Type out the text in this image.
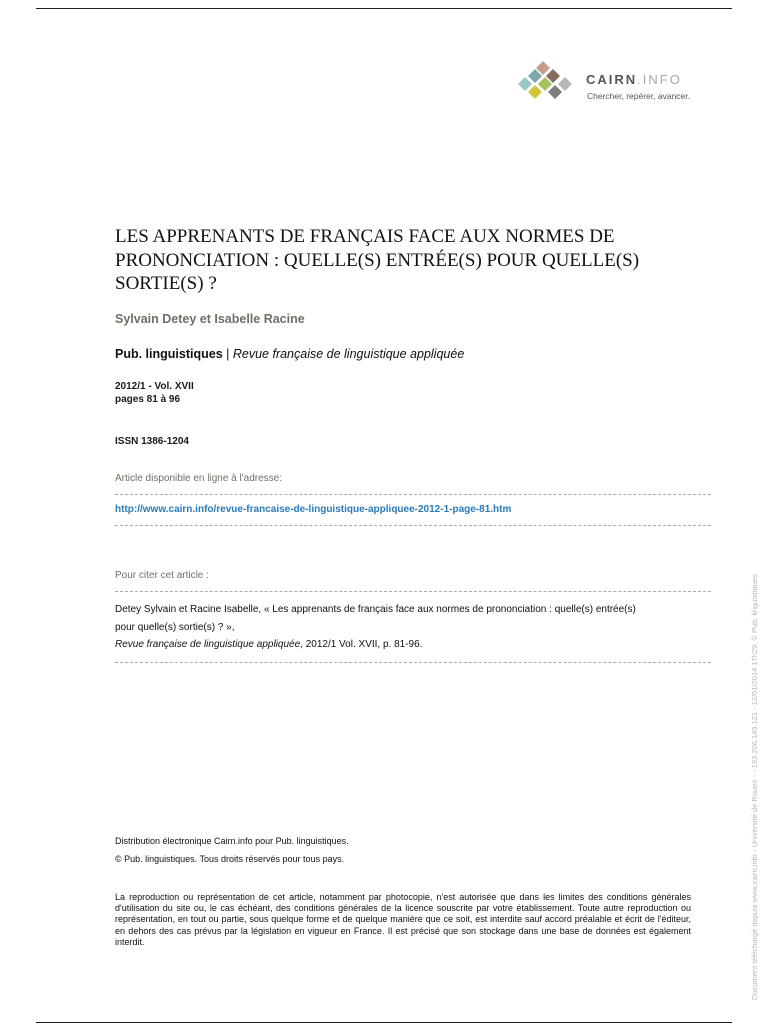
CAIRN.INFO
Chercher, repérer, avancer.
LES APPRENANTS DE FRANÇAIS FACE AUX NORMES DE PRONONCIATION : QUELLE(S) ENTRÉE(S) POUR QUELLE(S) SORTIE(S) ?
Sylvain Detey et Isabelle Racine
Pub. linguistiques | Revue française de linguistique appliquée
2012/1 - Vol. XVII
pages 81 à 96
ISSN 1386-1204
Article disponible en ligne à l'adresse:
http://www.cairn.info/revue-francaise-de-linguistique-appliquee-2012-1-page-81.htm
Pour citer cet article :
Detey Sylvain et Racine Isabelle, « Les apprenants de français face aux normes de prononciation : quelle(s) entrée(s)
pour quelle(s) sortie(s) ? »,
Revue française de linguistique appliquée, 2012/1 Vol. XVII, p. 81-96.
Distribution électronique Cairn.info pour Pub. linguistiques.
© Pub. linguistiques. Tous droits réservés pour tous pays.

La reproduction ou représentation de cet article, notamment par photocopie, n'est autorisée que dans les limites des conditions générales d'utilisation du site ou, le cas échéant, des conditions générales de la licence souscrite par votre établissement. Toute autre reproduction ou représentation, en tout ou partie, sous quelque forme et de quelque manière que ce soit, est interdite sauf accord préalable et écrit de l'éditeur, en dehors des cas prévus par la législation en vigueur en France. Il est précisé que son stockage dans une base de données est également interdit.	Document téléchargé depuis www.cairn.info - Université de Rouen - - 193.206.149.121 - 12/01/2014 17h29. © Pub. linguistiques
